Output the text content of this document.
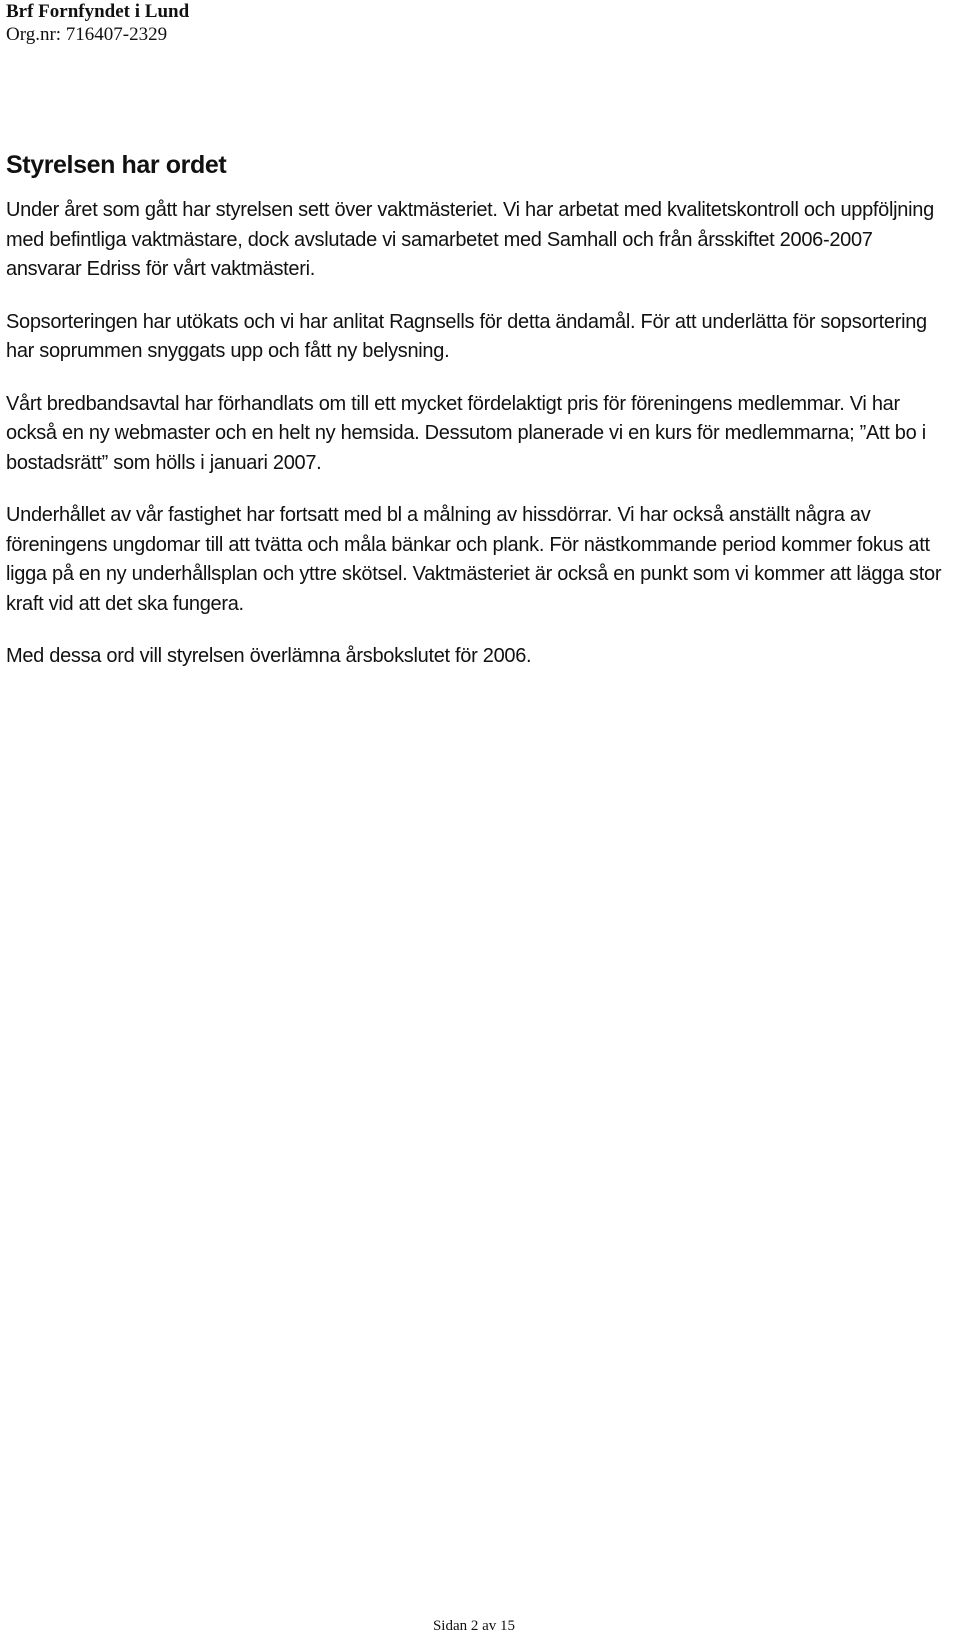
Brf Fornfyndet i Lund
Org.nr: 716407-2329
Styrelsen har ordet

Under året som gått har styrelsen sett över vaktmästeriet. Vi har arbetat med kvalitetskontroll och uppföljning med befintliga vaktmästare, dock avslutade vi samarbetet med Samhall och från årsskiftet 2006-2007 ansvarar Edriss för vårt vaktmästeri.

Sopsorteringen har utökats och vi har anlitat Ragnsells för detta ändamål. För att underlätta för sopsortering har soprummen snyggats upp och fått ny belysning.

Vårt bredbandsavtal har förhandlats om till ett mycket fördelaktigt pris för föreningens medlemmar. Vi har också en ny webmaster och en helt ny hemsida. Dessutom planerade vi en kurs för medlemmarna; ”Att bo i bostadsrätt” som hölls i januari 2007.

Underhållet av vår fastighet har fortsatt med bl a målning av hissdörrar. Vi har också anställt några av föreningens ungdomar till att tvätta och måla bänkar och plank. För nästkommande period kommer fokus att ligga på en ny underhållsplan och yttre skötsel. Vaktmästeriet är också en punkt som vi kommer att lägga stor kraft vid att det ska fungera.

Med dessa ord vill styrelsen överlämna årsbokslutet för 2006.

Sidan 2 av 15
